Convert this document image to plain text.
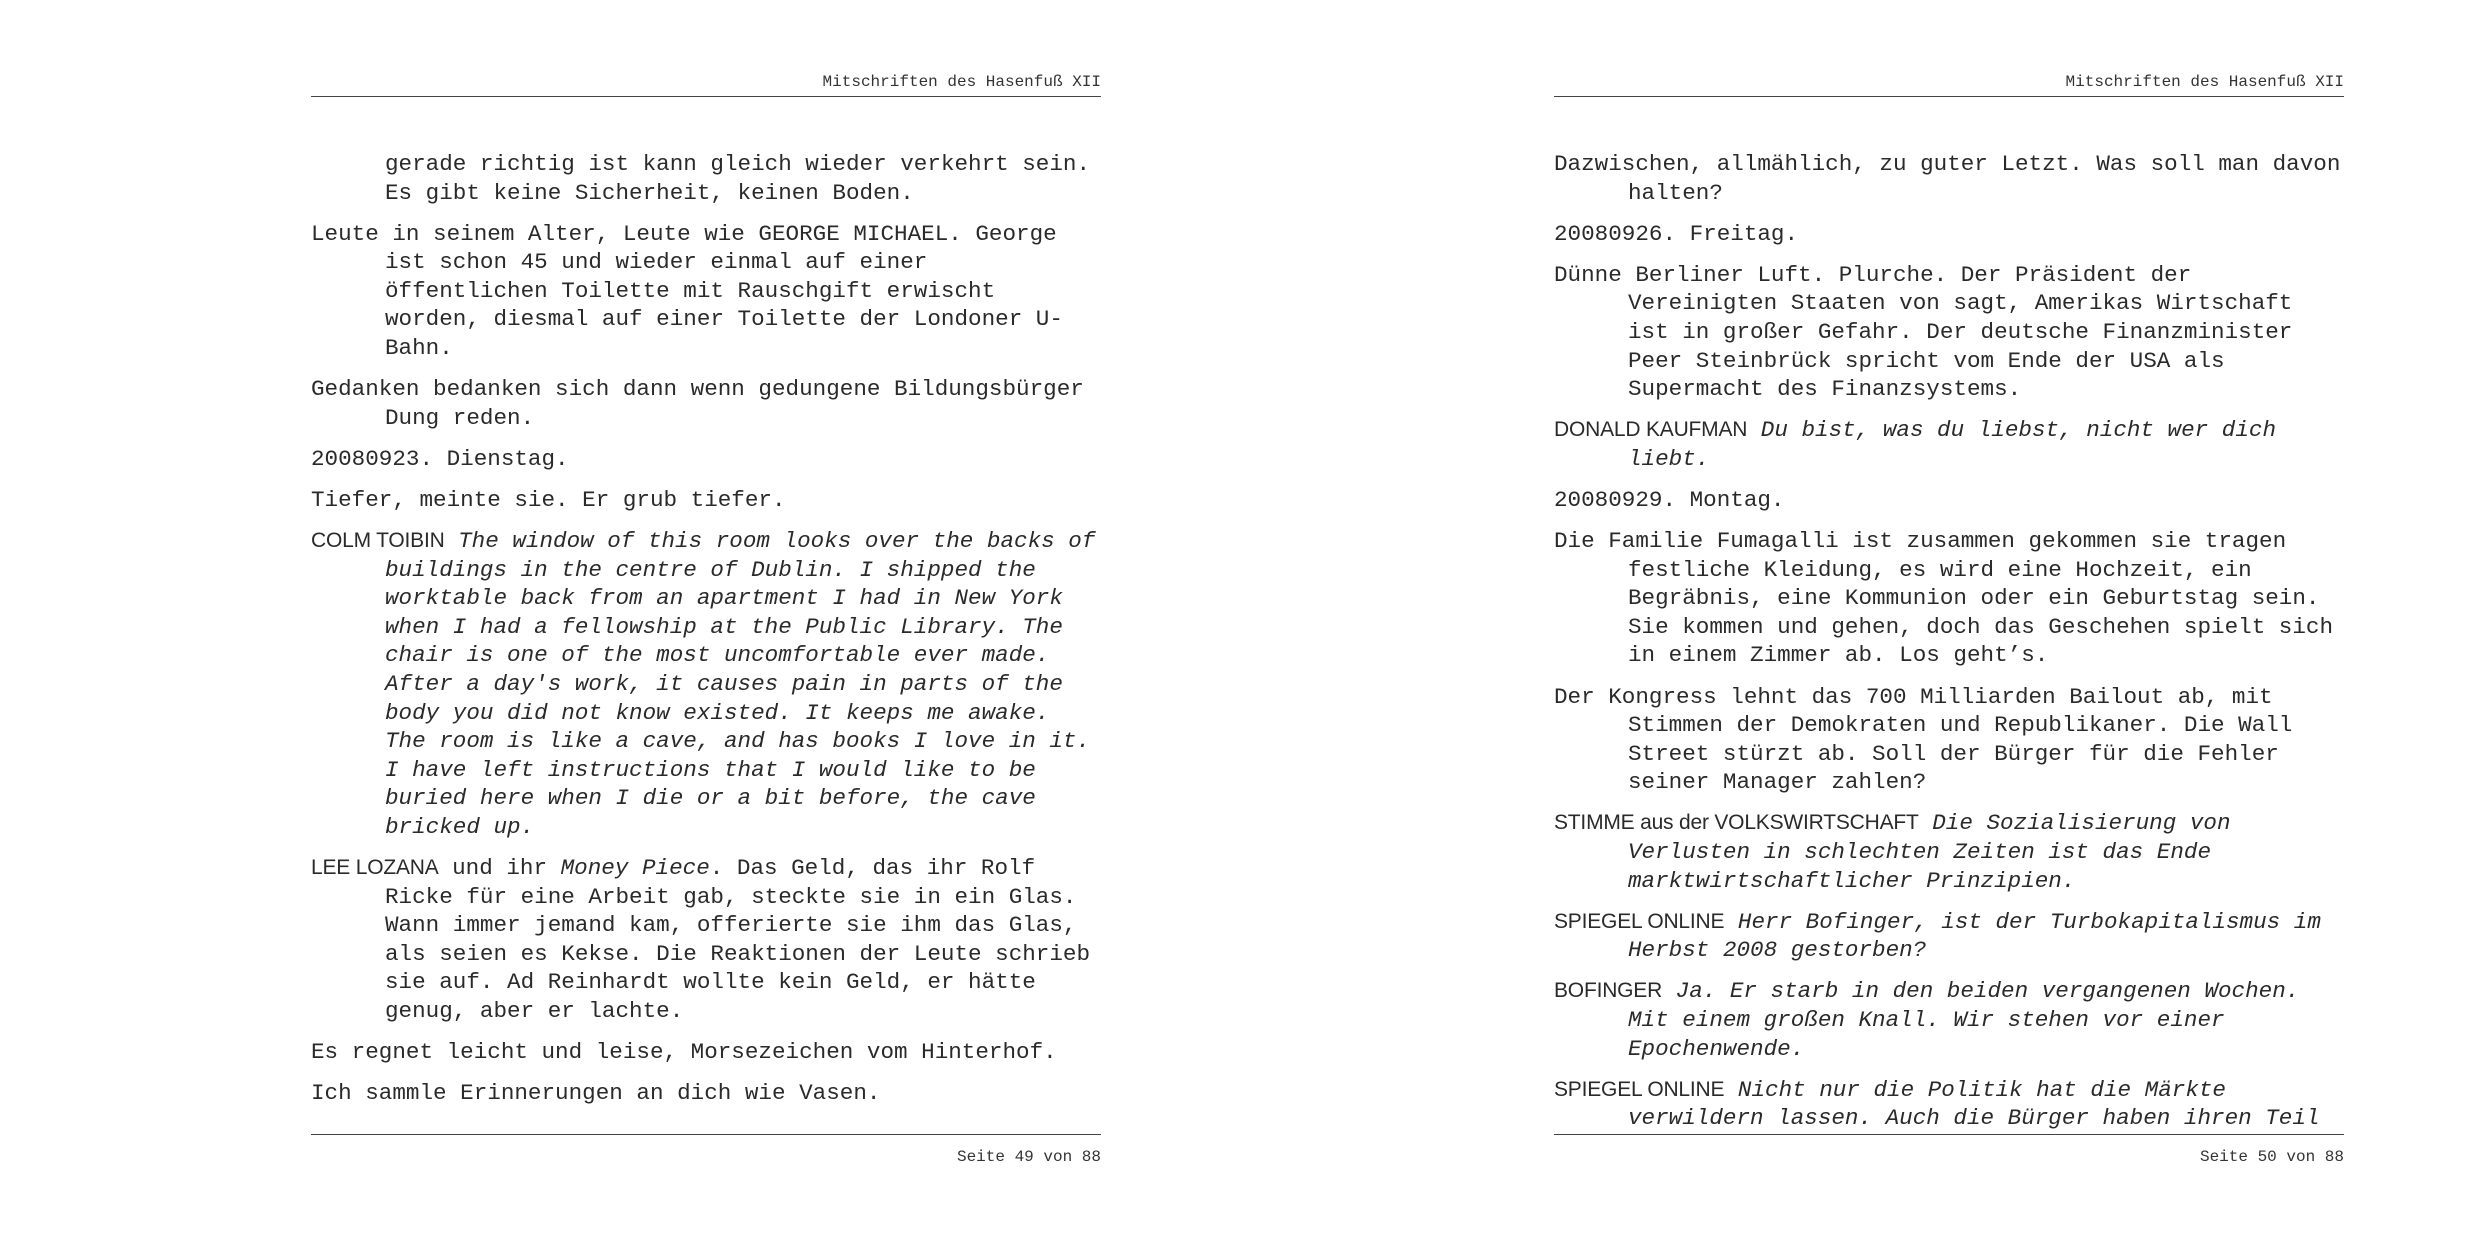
Mitschriften des Hasenfuß XII

gerade richtig ist kann gleich wieder verkehrt sein. Es gibt keine Sicherheit, keinen Boden.

Leute in seinem Alter, Leute wie GEORGE MICHAEL. George ist schon 45 und wieder einmal auf einer öffentlichen Toilette mit Rauschgift erwischt worden, diesmal auf einer Toilette der Londoner U-Bahn.

Gedanken bedanken sich dann wenn gedungene Bildungsbürger Dung reden.

20080923. Dienstag.

Tiefer, meinte sie. Er grub tiefer.

COLM TOIBIN The window of this room looks over the backs of buildings in the centre of Dublin. I shipped the worktable back from an apartment I had in New York when I had a fellowship at the Public Library. The chair is one of the most uncomfortable ever made. After a day's work, it causes pain in parts of the body you did not know existed. It keeps me awake. The room is like a cave, and has books I love in it. I have left instructions that I would like to be buried here when I die or a bit before, the cave bricked up.

LEE LOZANA und ihr Money Piece. Das Geld, das ihr Rolf Ricke für eine Arbeit gab, steckte sie in ein Glas. Wann immer jemand kam, offerierte sie ihm das Glas, als seien es Kekse. Die Reaktionen der Leute schrieb sie auf. Ad Reinhardt wollte kein Geld, er hätte genug, aber er lachte.

Es regnet leicht und leise, Morsezeichen vom Hinterhof.

Ich sammle Erinnerungen an dich wie Vasen.

Seite 49 von 88
Mitschriften des Hasenfuß XII

Dazwischen, allmählich, zu guter Letzt. Was soll man davon halten?

20080926. Freitag.

Dünne Berliner Luft. Plurche. Der Präsident der Vereinigten Staaten von sagt, Amerikas Wirtschaft ist in großer Gefahr. Der deutsche Finanzminister Peer Steinbrück spricht vom Ende der USA als Supermacht des Finanzsystems.

DONALD KAUFMAN Du bist, was du liebst, nicht wer dich liebt.

20080929. Montag.

Die Familie Fumagalli ist zusammen gekommen sie tragen festliche Kleidung, es wird eine Hochzeit, ein Begräbnis, eine Kommunion oder ein Geburtstag sein. Sie kommen und gehen, doch das Geschehen spielt sich in einem Zimmer ab. Los geht’s.

Der Kongress lehnt das 700 Milliarden Bailout ab, mit Stimmen der Demokraten und Republikaner. Die Wall Street stürzt ab. Soll der Bürger für die Fehler seiner Manager zahlen?

STIMME aus der VOLKSWIRTSCHAFT Die Sozialisierung von Verlusten in schlechten Zeiten ist das Ende marktwirtschaftlicher Prinzipien.

SPIEGEL ONLINE Herr Bofinger, ist der Turbokapitalismus im Herbst 2008 gestorben?

BOFINGER Ja. Er starb in den beiden vergangenen Wochen. Mit einem großen Knall. Wir stehen vor einer Epochenwende.

SPIEGEL ONLINE Nicht nur die Politik hat die Märkte verwildern lassen. Auch die Bürger haben ihren Teil

Seite 50 von 88
